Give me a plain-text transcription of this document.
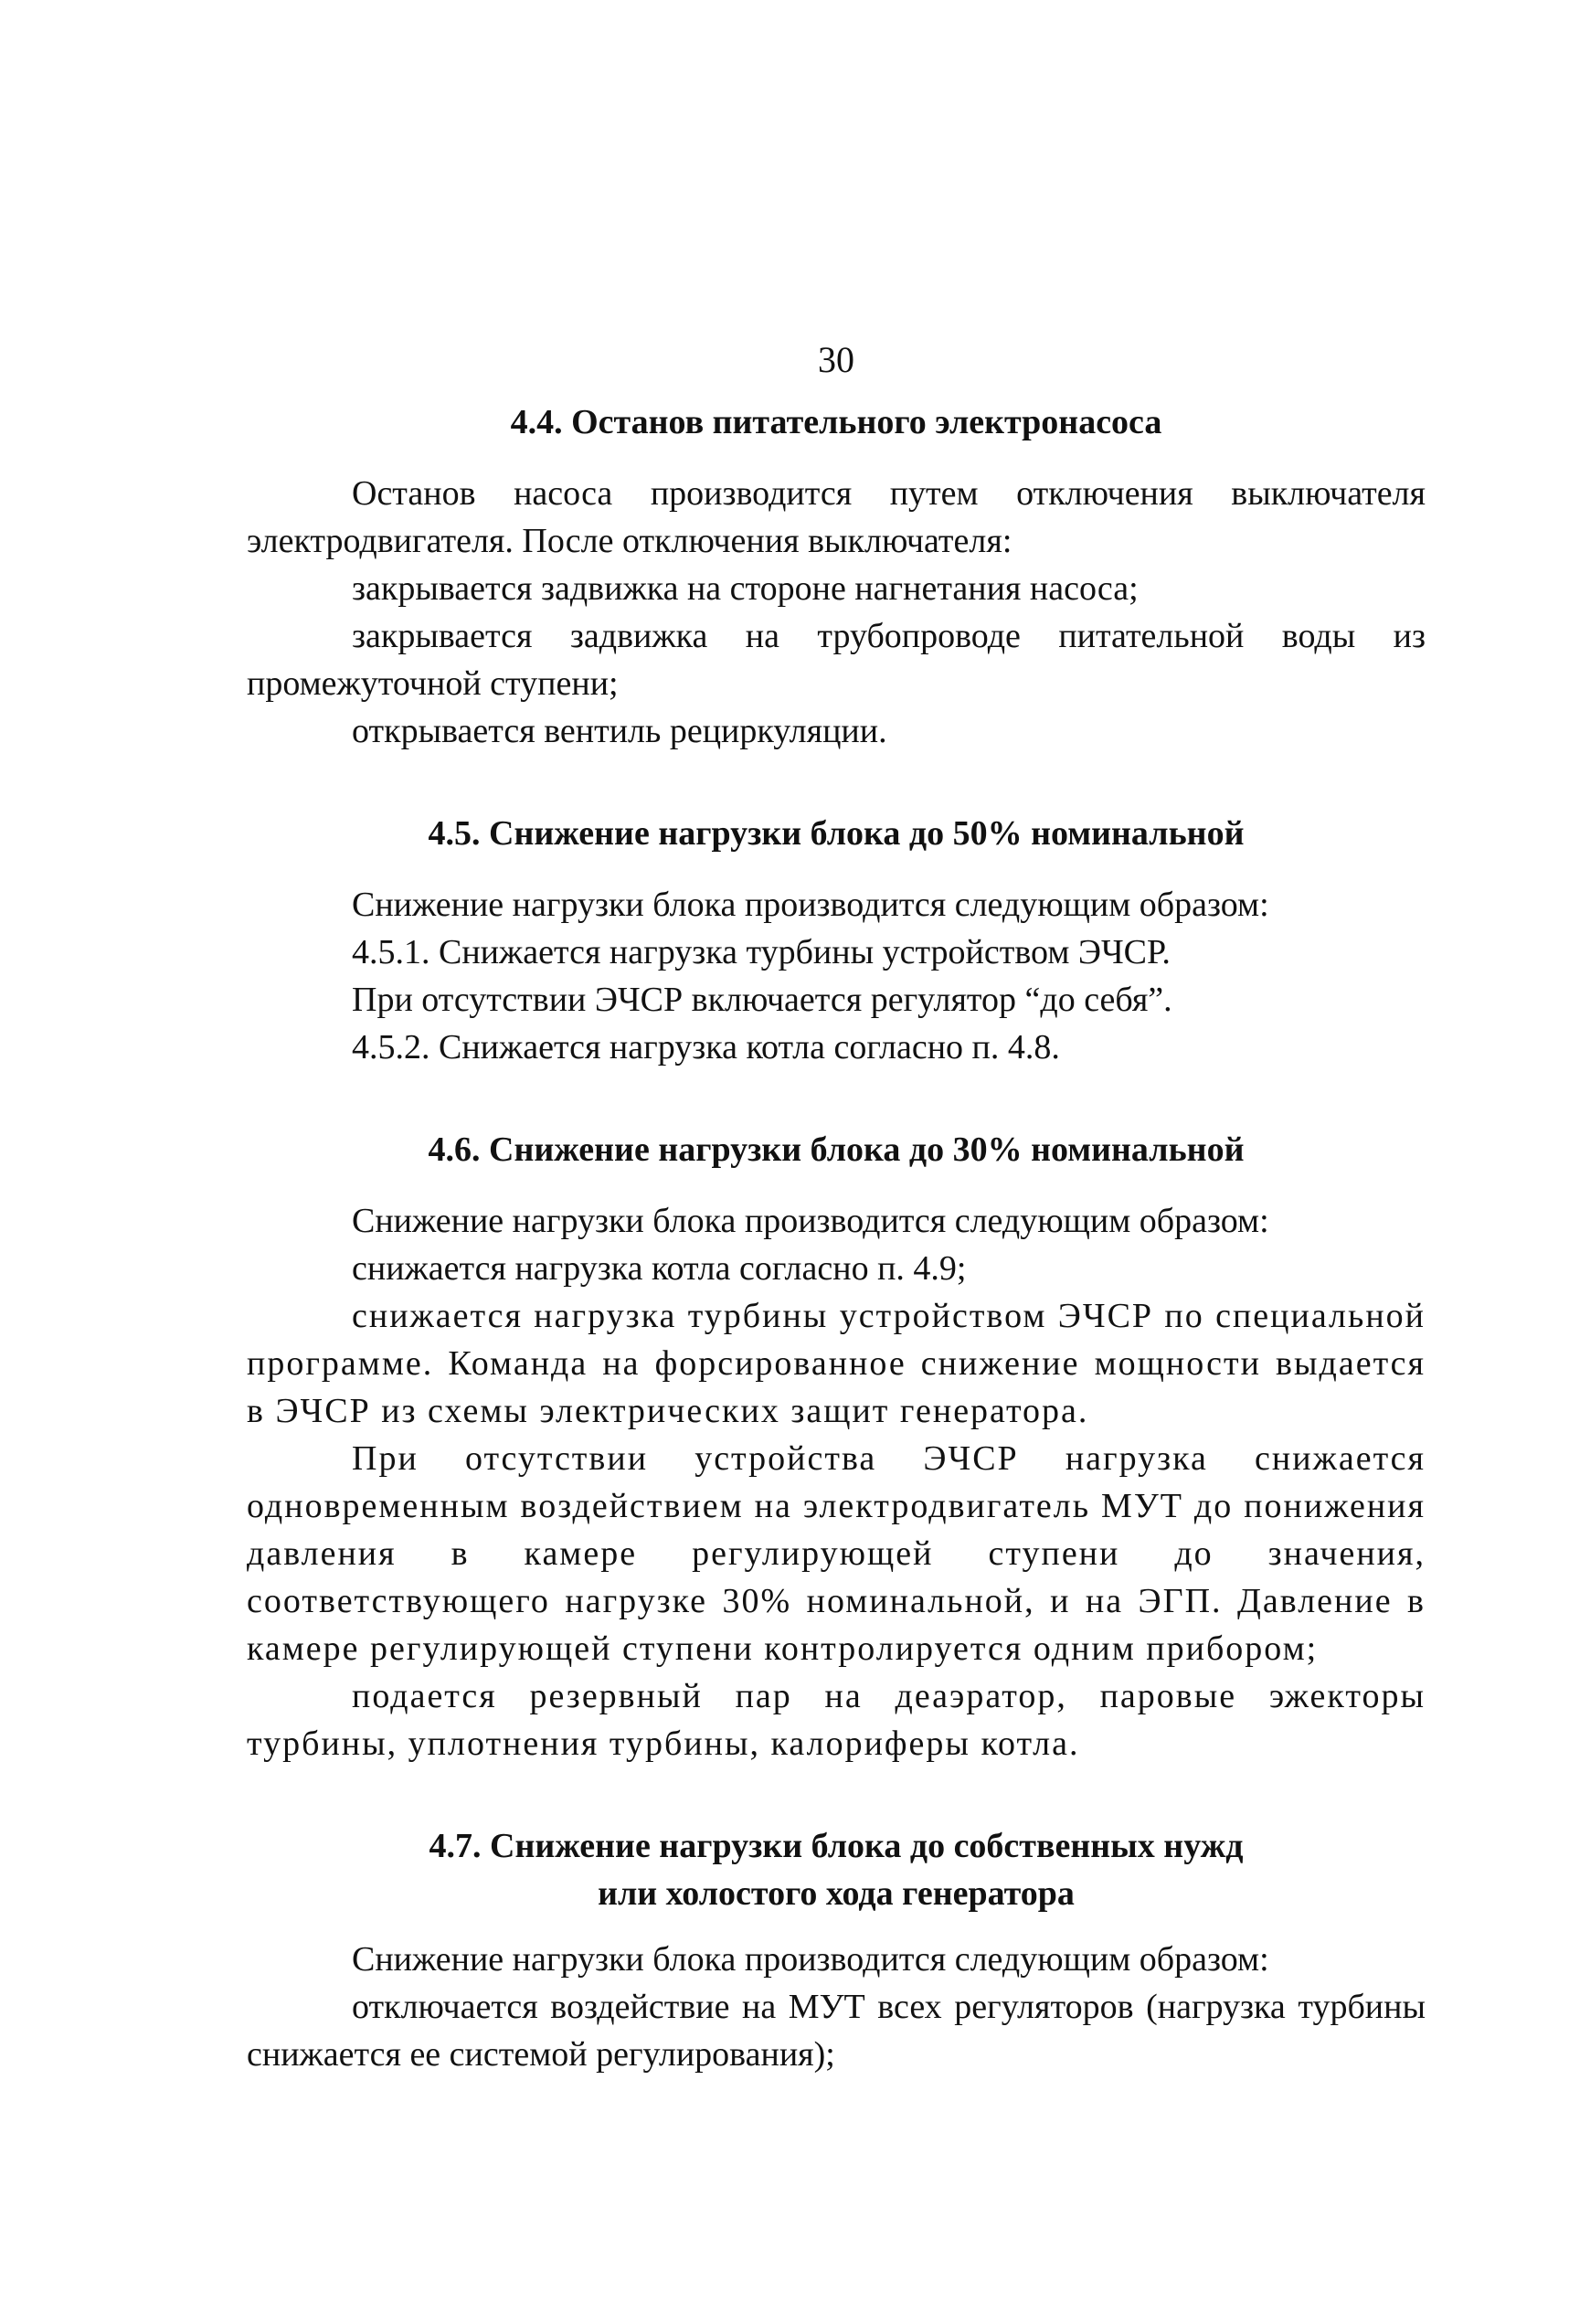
30
4.4. Останов питательного электронасоса

Останов насоса производится путем отключения выключателя электродвигателя. После отключения выключателя:

закрывается задвижка на стороне нагнетания насоса;

закрывается задвижка на трубопроводе питательной воды из промежуточной ступени;

открывается вентиль рециркуляции.

4.5. Снижение нагрузки блока до 50% номинальной

Снижение нагрузки блока производится следующим образом:

4.5.1. Снижается нагрузка турбины устройством ЭЧСР.

При отсутствии ЭЧСР включается регулятор “до себя”.

4.5.2. Снижается нагрузка котла согласно п. 4.8.

4.6. Снижение нагрузки блока до 30% номинальной

Снижение нагрузки блока производится следующим образом:

снижается нагрузка котла согласно п. 4.9;

снижается нагрузка турбины устройством ЭЧСР по специальной программе. Команда на форсированное снижение мощности выдается в ЭЧСР из схемы электрических защит генератора.

При отсутствии устройства ЭЧСР нагрузка снижается одновременным воздействием на электродвигатель МУТ до понижения давления в камере регулирующей ступени до значения, соответствующего нагрузке 30% номинальной, и на ЭГП. Давление в камере регулирующей ступени контролируется одним прибором;

подается резервный пар на деаэратор, паровые эжекторы турбины, уплотнения турбины, калориферы котла.

4.7. Снижение нагрузки блока до собственных нужд
или холостого хода генератора

Снижение нагрузки блока производится следующим образом:

отключается воздействие на МУТ всех регуляторов (нагрузка турбины снижается ее системой регулирования);
